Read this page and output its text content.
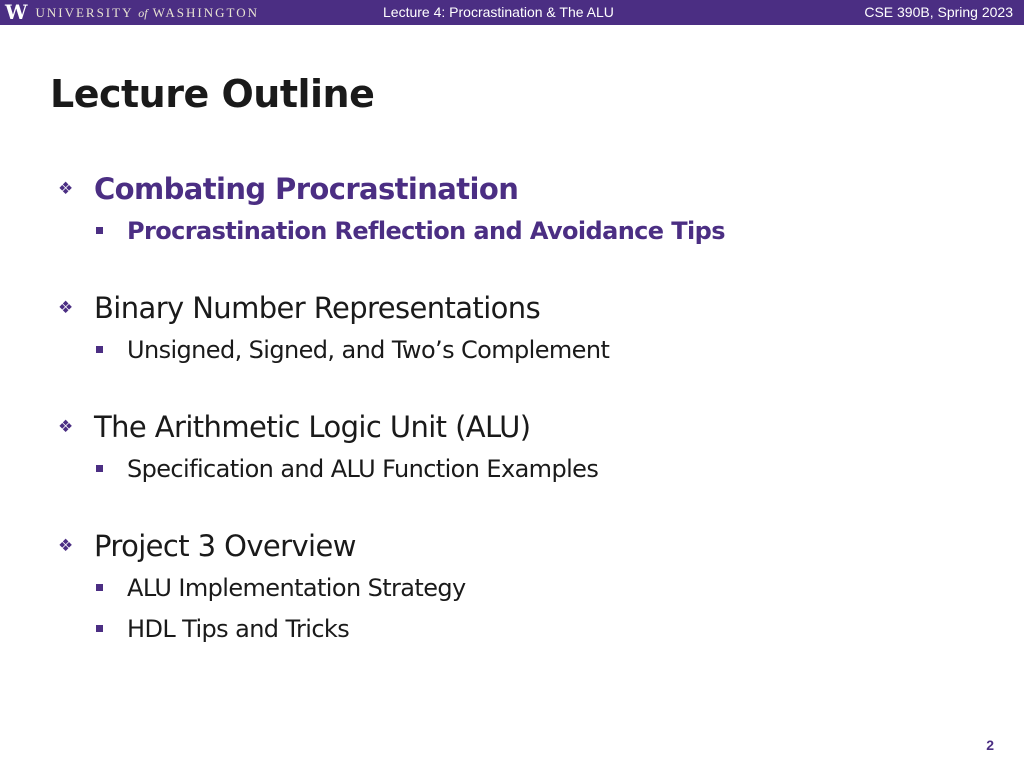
W UNIVERSITY of WASHINGTON	Lecture 4: Procrastination & The ALU	CSE 390B, Spring 2023
Lecture Outline
❖ Combating Procrastination
Procrastination Reflection and Avoidance Tips
❖ Binary Number Representations
Unsigned, Signed, and Two’s Complement
❖ The Arithmetic Logic Unit (ALU)
Specification and ALU Function Examples
❖ Project 3 Overview
ALU Implementation Strategy
HDL Tips and Tricks
2
